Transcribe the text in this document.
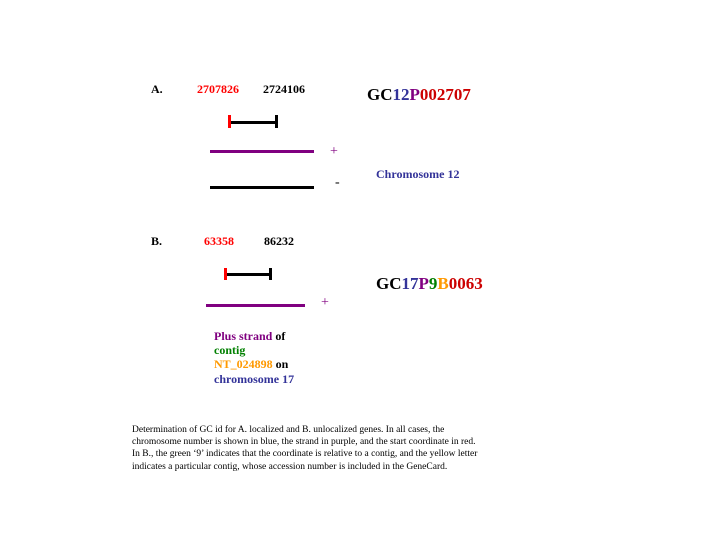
A.	2707826 2724106	GC12P002707
+
-
Chromosome 12
B.	63358	86232
GC17P9B0063
+
Plus strand of
contig
NT_024898 on
chromosome 17
Determination of GC id for A. localized and B. unlocalized genes. In all cases, the chromosome number is shown in blue, the strand in purple, and the start coordinate in red. In B., the green ‘9’ indicates that the coordinate is relative to a contig, and the yellow letter indicates a particular contig, whose accession number is included in the GeneCard.
